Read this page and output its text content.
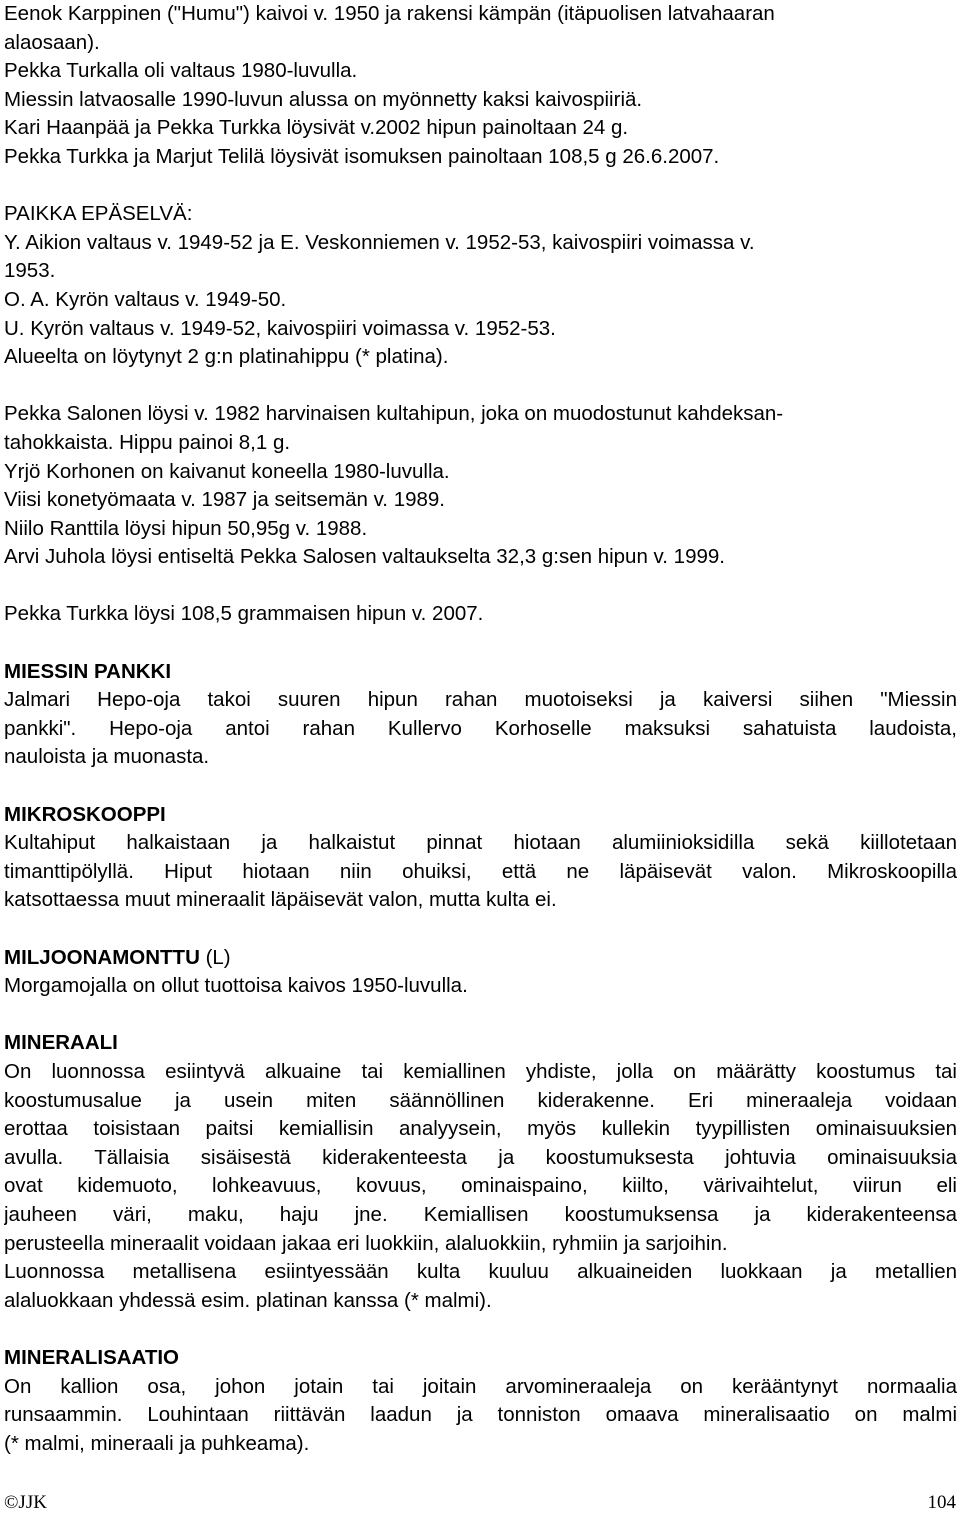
Eenok Karppinen ("Humu") kaivoi v. 1950 ja rakensi kämpän (itäpuolisen latvahaaran
alaosaan).
Pekka Turkalla oli valtaus 1980-luvulla.
Miessin latvaosalle 1990-luvun alussa on myönnetty kaksi kaivospiiriä.
Kari Haanpää ja Pekka Turkka löysivät v.2002 hipun painoltaan 24 g.
Pekka Turkka ja Marjut Telilä löysivät isomuksen painoltaan 108,5 g 26.6.2007.
PAIKKA EPÄSELVÄ:
Y. Aikion valtaus v. 1949-52 ja E. Veskonniemen v. 1952-53, kaivospiiri voimassa v.
1953.
O. A. Kyrön valtaus v. 1949-50.
U. Kyrön valtaus v. 1949-52, kaivospiiri voimassa v. 1952-53.
Alueelta on löytynyt 2 g:n platinahippu (* platina).
Pekka Salonen löysi v. 1982 harvinaisen kultahipun, joka on muodostunut kahdeksan-
tahokkaista. Hippu painoi 8,1 g.
Yrjö Korhonen on kaivanut koneella 1980-luvulla.
Viisi konetyömaata v. 1987 ja seitsemän v. 1989.
Niilo Ranttila löysi hipun 50,95g v. 1988.
Arvi Juhola löysi entiseltä Pekka Salosen valtaukselta 32,3 g:sen hipun v. 1999.
Pekka Turkka löysi 108,5 grammaisen hipun v. 2007.
MIESSIN PANKKI
Jalmari Hepo-oja takoi suuren hipun rahan muotoiseksi ja kaiversi siihen "Miessin
pankki". Hepo-oja antoi rahan Kullervo Korhoselle maksuksi sahatuista laudoista,
nauloista ja muonasta.
MIKROSKOOPPI
Kultahiput halkaistaan ja halkaistut pinnat hiotaan alumiinioksidilla sekä kiillotetaan
timanttipölyllä. Hiput hiotaan niin ohuiksi, että ne läpäisevät valon. Mikroskoopilla
katsottaessa muut mineraalit läpäisevät valon, mutta kulta ei.
MILJOONAMONTTU (L)
Morgamojalla on ollut tuottoisa kaivos 1950-luvulla.
MINERAALI
On luonnossa esiintyvä alkuaine tai kemiallinen yhdiste, jolla on määrätty koostumus tai
koostumusalue ja usein miten säännöllinen kiderakenne. Eri mineraaleja voidaan
erottaa toisistaan paitsi kemiallisin analyysein, myös kullekin tyypillisten ominaisuuksien
avulla. Tällaisia sisäisestä kiderakenteesta ja koostumuksesta johtuvia ominaisuuksia
ovat kidemuoto, lohkeavuus, kovuus, ominaispaino, kiilto, värivaihtelut, viirun eli
jauheen väri, maku, haju jne. Kemiallisen koostumuksensa ja kiderakenteensa
perusteella mineraalit voidaan jakaa eri luokkiin, alaluokkiin, ryhmiin ja sarjoihin.
Luonnossa metallisena esiintyessään kulta kuuluu alkuaineiden luokkaan ja metallien
alaluokkaan yhdessä esim. platinan kanssa (* malmi).
MINERALISAATIO
On kallion osa, johon jotain tai joitain arvomineraaleja on kerääntynyt normaalia
runsaammin. Louhintaan riittävän laadun ja tonniston omaava mineralisaatio on malmi
(* malmi, mineraali ja puhkeama).
©JJK	104
